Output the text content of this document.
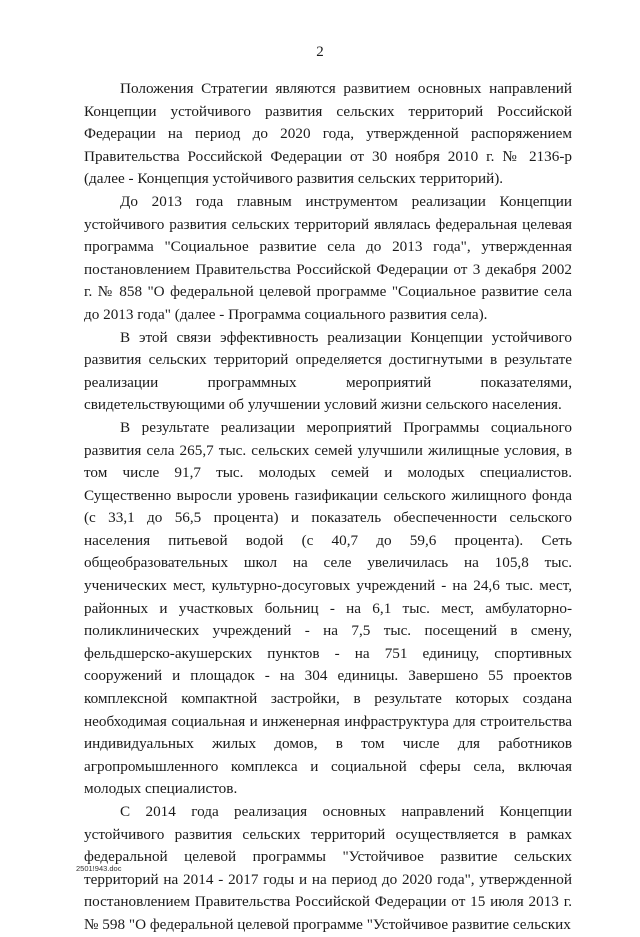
2

Положения Стратегии являются развитием основных направлений Концепции устойчивого развития сельских территорий Российской Федерации на период до 2020 года, утвержденной распоряжением Правительства Российской Федерации от 30 ноября 2010 г. № 2136-р (далее - Концепция устойчивого развития сельских территорий).

До 2013 года главным инструментом реализации Концепции устойчивого развития сельских территорий являлась федеральная целевая программа "Социальное развитие села до 2013 года", утвержденная постановлением Правительства Российской Федерации от 3 декабря 2002 г. № 858 "О федеральной целевой программе "Социальное развитие села до 2013 года" (далее - Программа социального развития села).

В этой связи эффективность реализации Концепции устойчивого развития сельских территорий определяется достигнутыми в результате реализации программных мероприятий показателями, свидетельствующими об улучшении условий жизни сельского населения.

В результате реализации мероприятий Программы социального развития села 265,7 тыс. сельских семей улучшили жилищные условия, в том числе 91,7 тыс. молодых семей и молодых специалистов. Существенно выросли уровень газификации сельского жилищного фонда (с 33,1 до 56,5 процента) и показатель обеспеченности сельского населения питьевой водой (с 40,7 до 59,6 процента). Сеть общеобразовательных школ на селе увеличилась на 105,8 тыс. ученических мест, культурно-досуговых учреждений - на 24,6 тыс. мест, районных и участковых больниц - на 6,1 тыс. мест, амбулаторно-поликлинических учреждений - на 7,5 тыс. посещений в смену, фельдшерско-акушерских пунктов - на 751 единицу, спортивных сооружений и площадок - на 304 единицы. Завершено 55 проектов комплексной компактной застройки, в результате которых создана необходимая социальная и инженерная инфраструктура для строительства индивидуальных жилых домов, в том числе для работников агропромышленного комплекса и социальной сферы села, включая молодых специалистов.

С 2014 года реализация основных направлений Концепции устойчивого развития сельских территорий осуществляется в рамках федеральной целевой программы "Устойчивое развитие сельских территорий на 2014 - 2017 годы и на период до 2020 года", утвержденной постановлением Правительства Российской Федерации от 15 июля 2013 г. № 598 "О федеральной целевой программе "Устойчивое развитие сельских

2501!943.doc
